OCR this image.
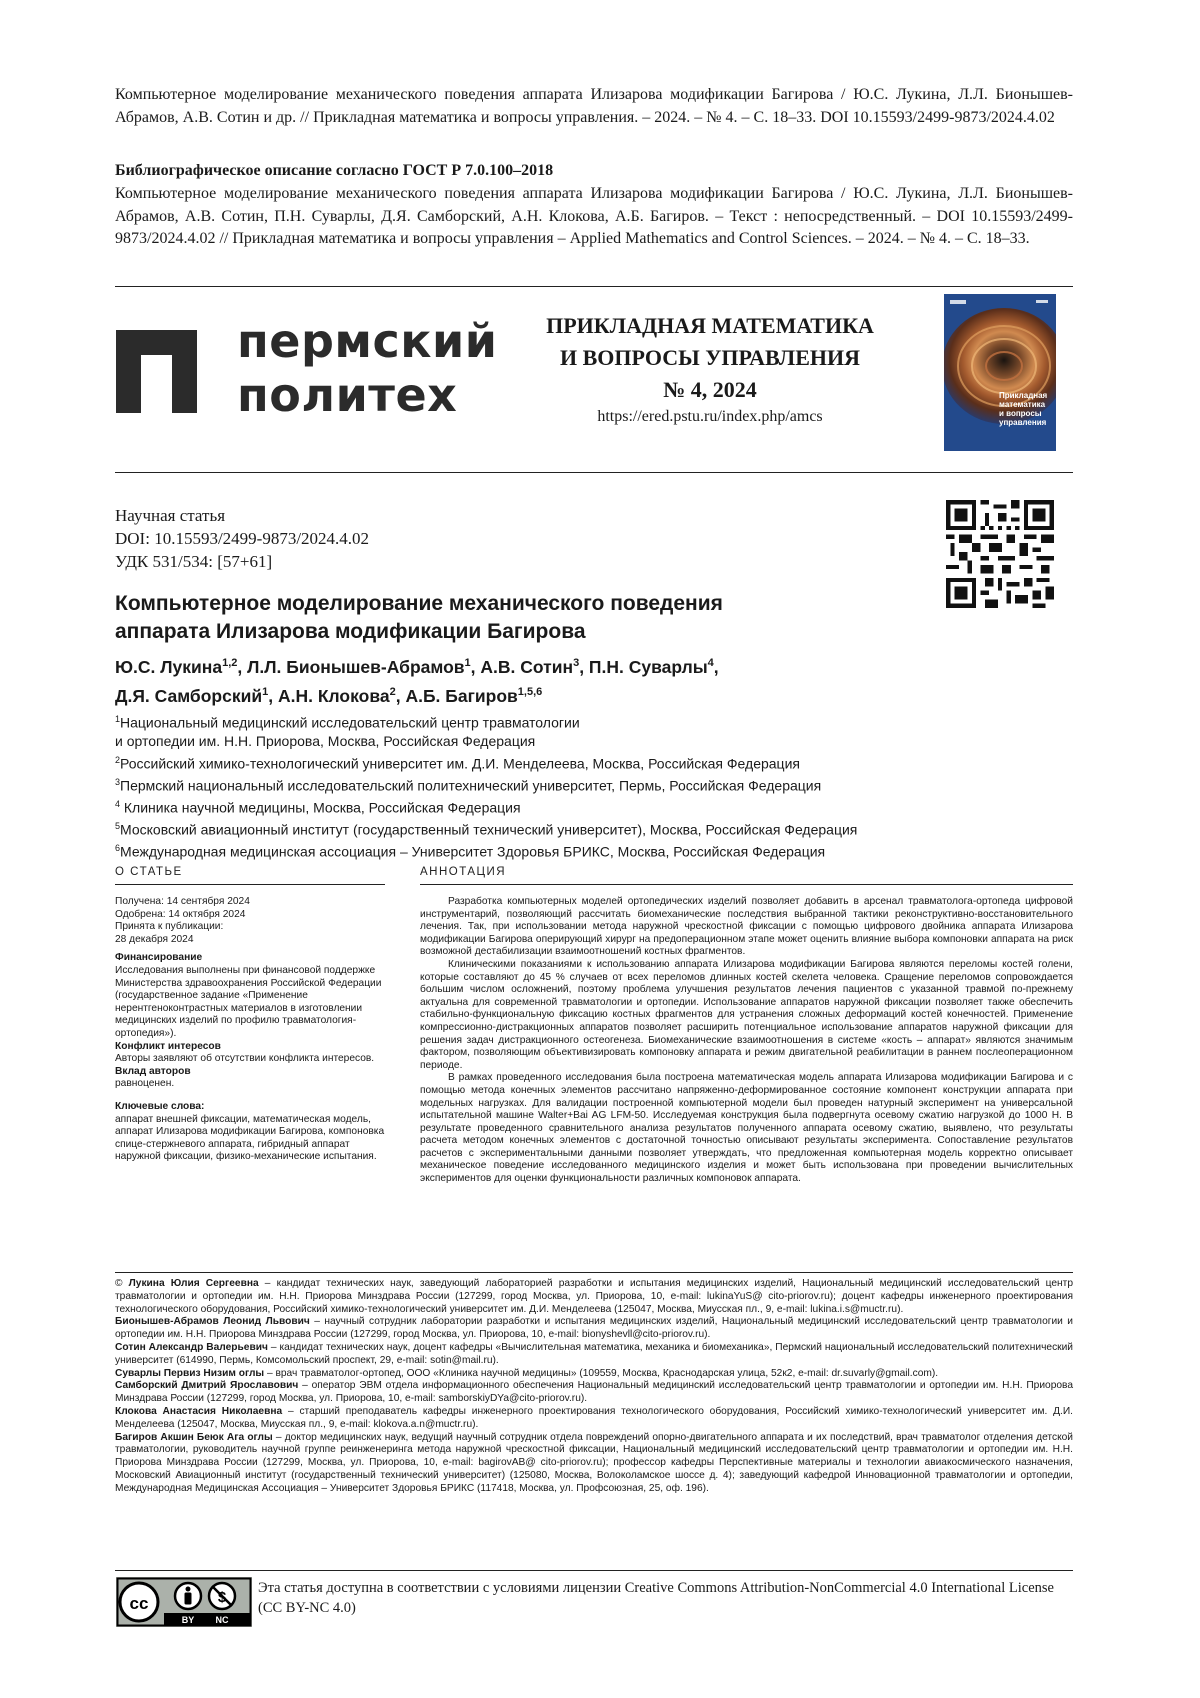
Компьютерное моделирование механического поведения аппарата Илизарова модификации Багирова / Ю.С. Лукина, Л.Л. Бионышев-Абрамов, А.В. Сотин и др. // Прикладная математика и вопросы управления. – 2024. – № 4. – С. 18–33. DOI 10.15593/2499-9873/2024.4.02
Библиографическое описание согласно ГОСТ Р 7.0.100–2018
Компьютерное моделирование механического поведения аппарата Илизарова модификации Багирова / Ю.С. Лукина, Л.Л. Бионышев-Абрамов, А.В. Сотин, П.Н. Суварлы, Д.Я. Самборский, А.Н. Клокова, А.Б. Багиров. – Текст : непосредственный. – DOI 10.15593/2499-9873/2024.4.02 // Прикладная математика и вопросы управления – Applied Mathematics and Control Sciences. – 2024. – № 4. – С. 18–33.
пермский
политех
ПРИКЛАДНАЯ МАТЕМАТИКА
И ВОПРОСЫ УПРАВЛЕНИЯ
№ 4, 2024
https://ered.pstu.ru/index.php/amcs
Прикладная
математика
и вопросы
управления
Научная статья
DOI: 10.15593/2499-9873/2024.4.02
УДК 531/534: [57+61]
Компьютерное моделирование механического поведения
аппарата Илизарова модификации Багирова
Ю.С. Лукина1,2, Л.Л. Бионышев-Абрамов1, А.В. Сотин3, П.Н. Суварлы4,
Д.Я. Самборский1, А.Н. Клокова2, А.Б. Багиров1,5,6
1Национальный медицинский исследовательский центр травматологии
и ортопедии им. Н.Н. Приорова, Москва, Российская Федерация
2Российский химико-технологический университет им. Д.И. Менделеева, Москва, Российская Федерация
3Пермский национальный исследовательский политехнический университет, Пермь, Российская Федерация
4 Клиника научной медицины, Москва, Российская Федерация
5Московский авиационный институт (государственный технический университет), Москва, Российская Федерация
6Международная медицинская ассоциация – Университет Здоровья БРИКС, Москва, Российская Федерация
О СТАТЬЕ	АННОТАЦИЯ

Получена: 14 сентября 2024

Одобрена: 14 октября 2024

Принята к публикации:

28 декабря 2024

Финансирование

Исследования выполнены при финансовой поддержке Министерства здравоохранения Российской Федерации (государственное задание «Применение нерентгеноконтраст­ных материалов в изготовлении медицинских изделий по профилю травматология-ортопедия»).

Конфликт интересов

Авторы заявляют об отсутствии конфликта интересов.

Вклад авторов

равноценен.

Ключевые слова:

аппарат внешней фиксации, математическая модель, аппарат Илизарова модификации Багирова, компоновка спице-стержневого аппарата, гибридный аппарат наружной фиксации, физико-механические испытания.

Разработка компьютерных моделей ортопедических изделий позволяет добавить в арсенал травматолога-ортопеда цифровой инструментарий, позволяющий рассчитать биомеханические последствия выбранной тактики реконструктивно-восстановительного лечения. Так, при использовании метода наружной чрескостной фиксации с помощью цифрового двойника аппарата Илизарова модификации Багирова оперирующий хирург на предоперационном этапе может оценить влияние выбора компоновки аппарата на риск возможной дестабилизации взаимоотношений костных фрагментов.

Клиническими показаниями к использованию аппарата Илизарова модификации Багирова являются переломы костей голени, которые составляют до 45 % случаев от всех переломов длинных костей скелета человека. Сращение переломов сопровождается большим числом осложнений, поэтому проблема улучшения результатов лечения пациентов с указанной травмой по-прежнему актуальна для современной травматологии и ортопедии. Использование аппаратов наружной фиксации позволяет также обеспечить стабильно-функциональную фиксацию костных фрагментов для устранения сложных деформаций костей конечностей. Применение компрессионно-дистракционных аппаратов позволяет расширить потенциальное использование аппаратов наружной фиксации для решения задач дистракционного остеогенеза. Биомеханические взаимоотношения в системе «кость – аппарат» являются значимым фактором, позволяющим объективизировать компоновку аппарата и режим двигательной реабилитации в раннем послеоперационном периоде.

В рамках проведенного исследования была построена математическая модель аппарата Илизарова модификации Багирова и с помощью метода конечных элементов рассчитано напряженно-деформированное состояние компонент конструкции аппарата при модельных нагрузках. Для валидации построенной компьютерной модели был проведен натурный эксперимент на универсальной испытательной машине Walter+Bai AG LFM-50. Исследуемая конструкция была подвергнута осевому сжатию нагрузкой до 1000 Н. В результате проведенного сравнительного анализа результатов полученного аппарата осевому сжатию, выявлено, что результаты расчета методом конечных элементов с достаточной точностью описывают результаты эксперимента. Сопоставление результатов расчетов с экспериментальными данными позволяет утверждать, что предложенная компьютерная модель корректно описывает механическое поведение исследованного медицинского изделия и может быть использована при проведении вычислительных экспериментов для оценки функциональности различных компоновок аппарата.

© Лукина Юлия Сергеевна – кандидат технических наук, заведующий лабораторией разработки и испытания медицинских изделий, Национальный медицинский исследовательский центр травматологии и ортопедии им. Н.Н. Приорова Минздрава России (127299, город Москва, ул. Приорова, 10, e-mail: lukinaYuS@ cito-priorov.ru); доцент кафедры инженерного проектирования технологического оборудования, Российский химико-технологический университет им. Д.И. Менделеева (125047, Москва, Миусская пл., 9, e-mail: lukina.i.s@muctr.ru).

Бионышев-Абрамов Леонид Львович – научный сотрудник лаборатории разработки и испытания медицинских изделий, Национальный медицинский исследовательский центр травматологии и ортопедии им. Н.Н. Приорова Минздрава России (127299, город Москва, ул. Приорова, 10, e-mail: bionyshevll@cito-priorov.ru).

Сотин Александр Валерьевич – кандидат технических наук, доцент кафедры «Вычислительная математика, механика и биомеханика», Пермский национальный исследовательский политехнический университет (614990, Пермь, Комсомольский проспект, 29, e-mail: sotin@mail.ru).

Суварлы Первиз Низим оглы – врач травматолог-ортопед, ООО «Клиника научной медицины» (109559, Москва, Краснодарская улица, 52к2, e-mail: dr.suvarly@gmail.com).

Самборский Дмитрий Ярославович – оператор ЭВМ отдела информационного обеспечения Национальный медицинский исследовательский центр травматологии и ортопедии им. Н.Н. Приорова Минздрава России (127299, город Москва, ул. Приорова, 10, e-mail: samborskiyDYa@cito-priorov.ru).

Клокова Анастасия Николаевна – старший преподаватель кафедры инженерного проектирования технологического оборудования, Российский химико-технологический университет им. Д.И. Менделеева (125047, Москва, Миусская пл., 9, e-mail: klokova.a.n@muctr.ru).

Багиров Акшин Беюк Ага оглы – доктор медицинских наук, ведущий научный сотрудник отдела повреждений опорно-двигательного аппарата и их последствий, врач травматолог отделения детской травматологии, руководитель научной группе реинженеринга метода наружной чрескостной фиксации, Национальный медицинский исследовательский центр травматологии и ортопедии им. Н.Н. Приорова Минздрава России (127299, Москва, ул. Приорова, 10, e-mail: bagirovAB@ cito-priorov.ru); профессор кафедры Перспективные материалы и технологии авиакосмического назначения, Московский Авиационный институт (государственный технический университет) (125080, Москва, Волоколамское шоссе д. 4); заведующий кафедрой Инновационной травматологии и ортопедии, Международная Медицинская Ассоциация – Университет Здоровья БРИКС (117418, Москва, ул. Профсоюзная, 25, оф. 196).

cc
BY NC
Эта статья доступна в соответствии с условиями лицензии Creative Commons Attribution-NonCommercial 4.0 International License (CC BY-NC 4.0)
